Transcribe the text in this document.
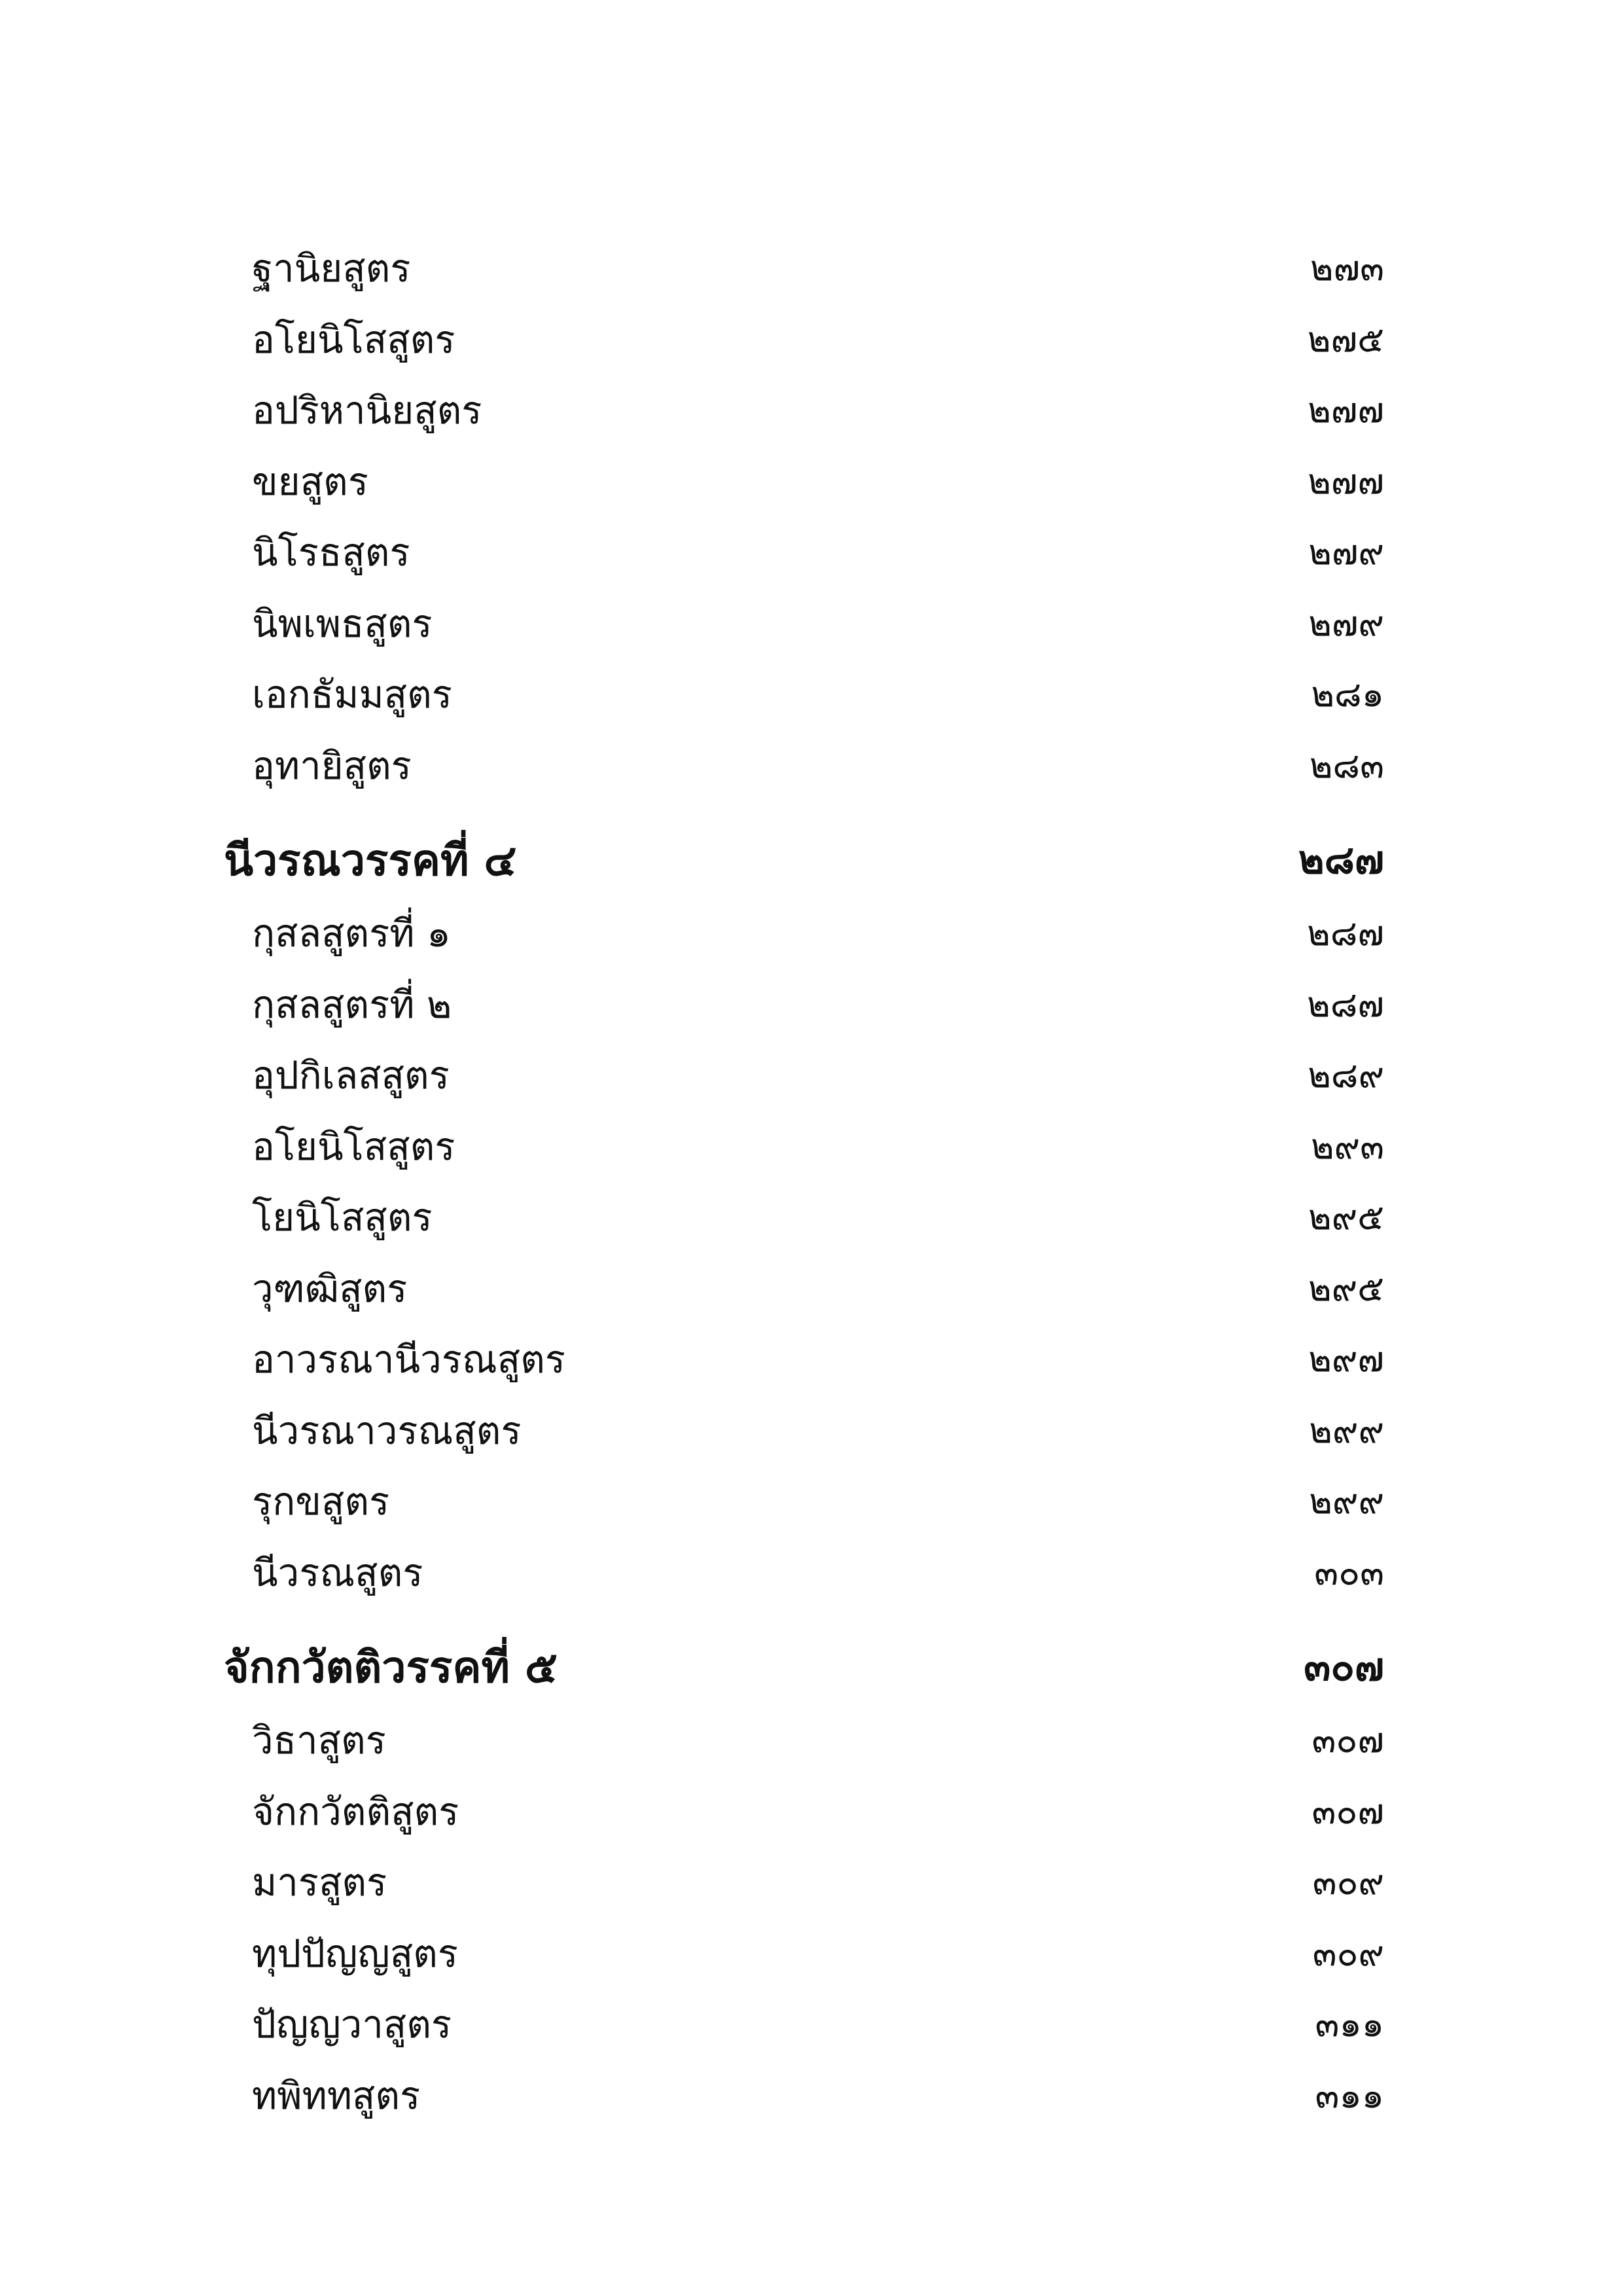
ฐานิยสูตร	๒๗๓
อโยนิโสสูตร	๒๗๕
อปริหานิยสูตร	๒๗๗
ขยสูตร	๒๗๗
นิโรธสูตร	๒๗๙
นิพเพธสูตร	๒๗๙
เอกธัมมสูตร	๒๘๑
อุทายิสูตร	๒๘๓
นีวรณวรรคที่ ๔	๒๘๗
กุสลสูตรที่ ๑	๒๘๗
กุสลสูตรที่ ๒	๒๘๗
อุปกิเลสสูตร	๒๘๙
อโยนิโสสูตร	๒๙๓
โยนิโสสูตร	๒๙๕
วุฑฒิสูตร	๒๙๕
อาวรณานีวรณสูตร	๒๙๗
นีวรณาวรณสูตร	๒๙๙
รุกขสูตร	๒๙๙
นีวรณสูตร	๓๐๓
จักกวัตติวรรคที่ ๕	๓๐๗
วิธาสูตร	๓๐๗
จักกวัตติสูตร	๓๐๗
มารสูตร	๓๐๙
ทุปปัญญสูตร	๓๐๙
ปัญญวาสูตร	๓๑๑
ทพิททสูตร	๓๑๑
